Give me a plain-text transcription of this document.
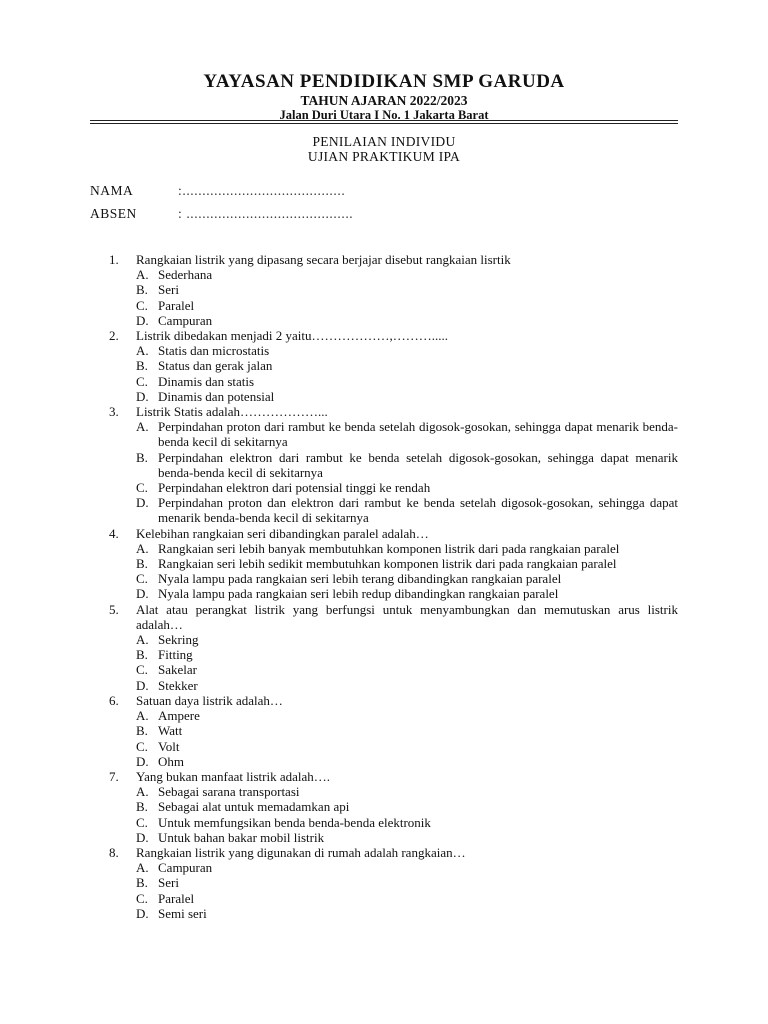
YAYASAN PENDIDIKAN SMP GARUDA
TAHUN AJARAN 2022/2023
Jalan Duri Utara I No. 1 Jakarta Barat
PENILAIAN INDIVIDU
UJIAN PRAKTIKUM IPA
NAMA	:.........................................
ABSEN	: ..........................................
1. Rangkaian listrik yang dipasang secara berjajar disebut rangkaian lisrtik
A. Sederhana
B. Seri
C. Paralel
D. Campuran
2. Listrik dibedakan menjadi 2 yaitu………………,……….....
A. Statis dan microstatis
B. Status dan gerak jalan
C. Dinamis dan statis
D. Dinamis dan potensial
3. Listrik Statis adalah………………...
A. Perpindahan proton dari rambut ke benda setelah digosok-gosokan, sehingga dapat menarik benda-benda kecil di sekitarnya
B. Perpindahan elektron dari rambut ke benda setelah digosok-gosokan, sehingga dapat menarik benda-benda kecil di sekitarnya
C. Perpindahan elektron dari potensial tinggi ke rendah
D. Perpindahan proton dan elektron dari rambut ke benda setelah digosok-gosokan, sehingga dapat menarik benda-benda kecil di sekitarnya
4. Kelebihan rangkaian seri dibandingkan paralel adalah…
A. Rangkaian seri lebih banyak membutuhkan komponen listrik dari pada rangkaian paralel
B. Rangkaian seri lebih sedikit membutuhkan komponen listrik dari pada rangkaian paralel
C. Nyala lampu pada rangkaian seri lebih terang dibandingkan rangkaian paralel
D. Nyala lampu pada rangkaian seri lebih redup dibandingkan rangkaian paralel
5. Alat atau perangkat listrik yang berfungsi untuk menyambungkan dan memutuskan arus listrik adalah…
A. Sekring
B. Fitting
C. Sakelar
D. Stekker
6. Satuan daya listrik adalah…
A. Ampere
B. Watt
C. Volt
D. Ohm
7. Yang bukan manfaat listrik adalah….
A. Sebagai sarana transportasi
B. Sebagai alat untuk memadamkan api
C. Untuk memfungsikan benda benda-benda elektronik
D. Untuk bahan bakar mobil listrik
8. Rangkaian listrik yang digunakan di rumah adalah rangkaian…
A. Campuran
B. Seri
C. Paralel
D. Semi seri
